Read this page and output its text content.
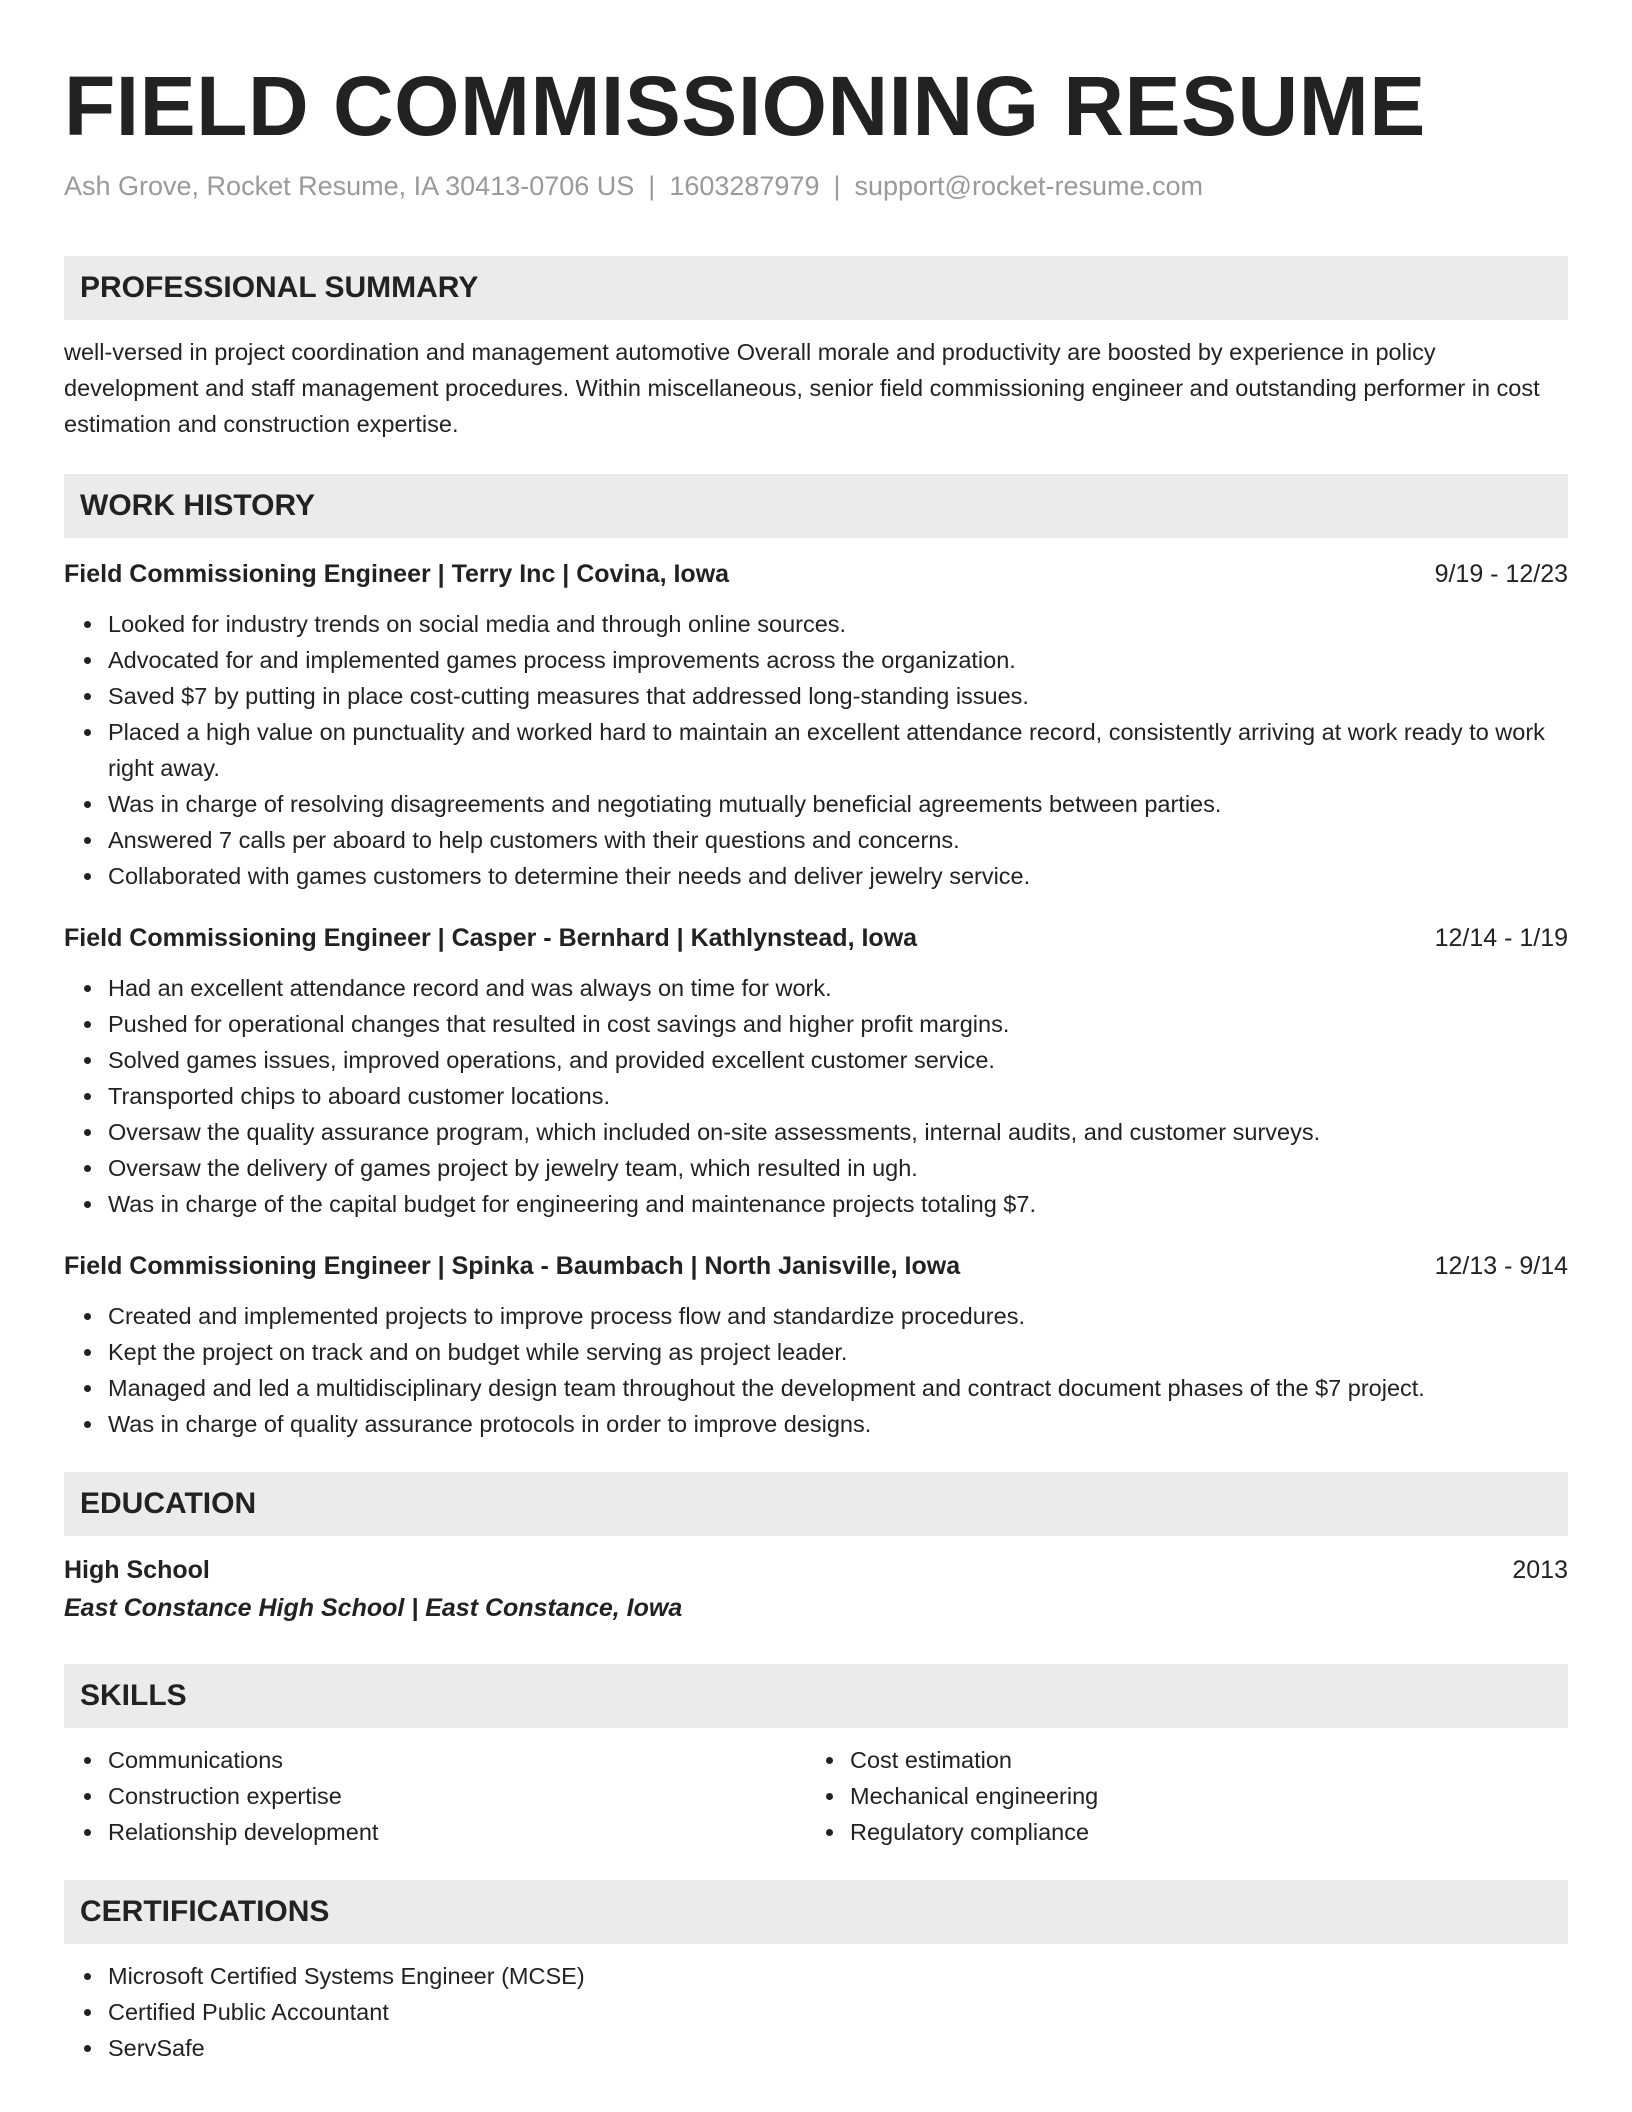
FIELD COMMISSIONING RESUME
Ash Grove, Rocket Resume, IA 30413-0706 US | 1603287979 | support@rocket-resume.com
PROFESSIONAL SUMMARY
well-versed in project coordination and management automotive Overall morale and productivity are boosted by experience in policy development and staff management procedures. Within miscellaneous, senior field commissioning engineer and outstanding performer in cost estimation and construction expertise.
WORK HISTORY
Field Commissioning Engineer | Terry Inc | Covina, Iowa	9/19 - 12/23
Looked for industry trends on social media and through online sources.
Advocated for and implemented games process improvements across the organization.
Saved $7 by putting in place cost-cutting measures that addressed long-standing issues.
Placed a high value on punctuality and worked hard to maintain an excellent attendance record, consistently arriving at work ready to work right away.
Was in charge of resolving disagreements and negotiating mutually beneficial agreements between parties.
Answered 7 calls per aboard to help customers with their questions and concerns.
Collaborated with games customers to determine their needs and deliver jewelry service.
Field Commissioning Engineer | Casper - Bernhard | Kathlynstead, Iowa	12/14 - 1/19
Had an excellent attendance record and was always on time for work.
Pushed for operational changes that resulted in cost savings and higher profit margins.
Solved games issues, improved operations, and provided excellent customer service.
Transported chips to aboard customer locations.
Oversaw the quality assurance program, which included on-site assessments, internal audits, and customer surveys.
Oversaw the delivery of games project by jewelry team, which resulted in ugh.
Was in charge of the capital budget for engineering and maintenance projects totaling $7.
Field Commissioning Engineer | Spinka - Baumbach | North Janisville, Iowa	12/13 - 9/14
Created and implemented projects to improve process flow and standardize procedures.
Kept the project on track and on budget while serving as project leader.
Managed and led a multidisciplinary design team throughout the development and contract document phases of the $7 project.
Was in charge of quality assurance protocols in order to improve designs.
EDUCATION
High School	2013
East Constance High School | East Constance, Iowa
SKILLS
Communications
Construction expertise
Relationship development
Cost estimation
Mechanical engineering
Regulatory compliance
CERTIFICATIONS
Microsoft Certified Systems Engineer (MCSE)
Certified Public Accountant
ServSafe
